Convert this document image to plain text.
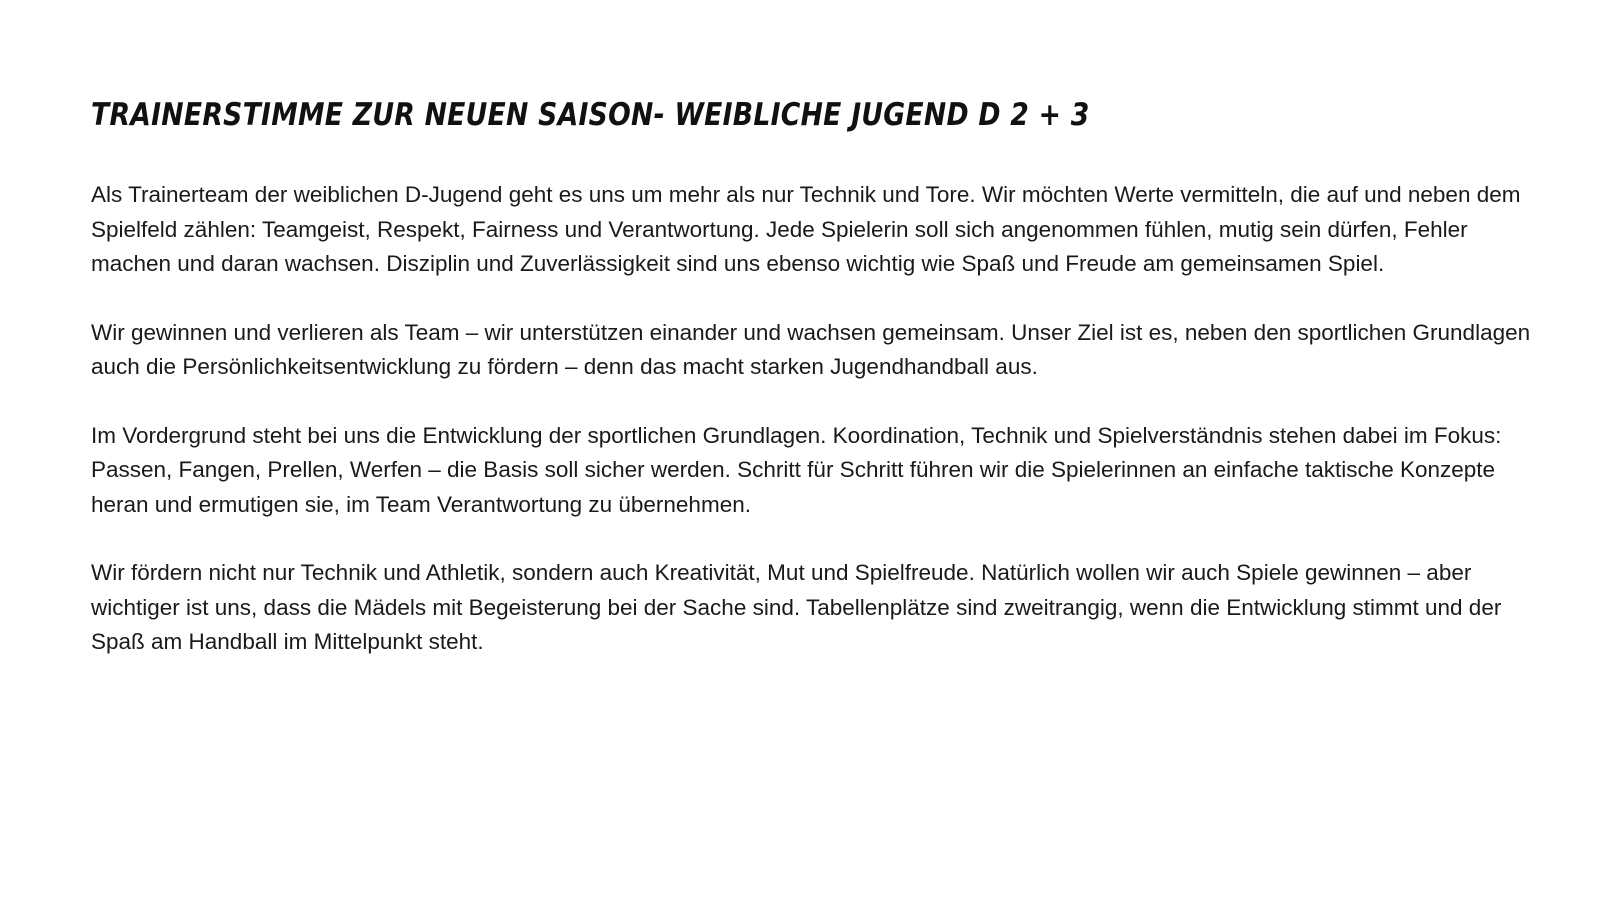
TRAINERSTIMME ZUR NEUEN SAISON- WEIBLICHE JUGEND D 2 + 3

Als Trainerteam der weiblichen D-Jugend geht es uns um mehr als nur Technik und Tore. Wir möchten Werte vermitteln, die auf und neben dem Spielfeld zählen: Teamgeist, Respekt, Fairness und Verantwortung. Jede Spielerin soll sich angenommen fühlen, mutig sein dürfen, Fehler machen und daran wachsen. Disziplin und Zuverlässigkeit sind uns ebenso wichtig wie Spaß und Freude am gemeinsamen Spiel.

Wir gewinnen und verlieren als Team – wir unterstützen einander und wachsen gemeinsam. Unser Ziel ist es, neben den sportlichen Grundlagen auch die Persönlichkeitsentwicklung zu fördern – denn das macht starken Jugendhandball aus.

Im Vordergrund steht bei uns die Entwicklung der sportlichen Grundlagen. Koordination, Technik und Spielverständnis stehen dabei im Fokus: Passen, Fangen, Prellen, Werfen – die Basis soll sicher werden. Schritt für Schritt führen wir die Spielerinnen an einfache taktische Konzepte heran und ermutigen sie, im Team Verantwortung zu übernehmen.

Wir fördern nicht nur Technik und Athletik, sondern auch Kreativität, Mut und Spielfreude. Natürlich wollen wir auch Spiele gewinnen – aber wichtiger ist uns, dass die Mädels mit Begeisterung bei der Sache sind. Tabellenplätze sind zweitrangig, wenn die Entwicklung stimmt und der Spaß am Handball im Mittelpunkt steht.
